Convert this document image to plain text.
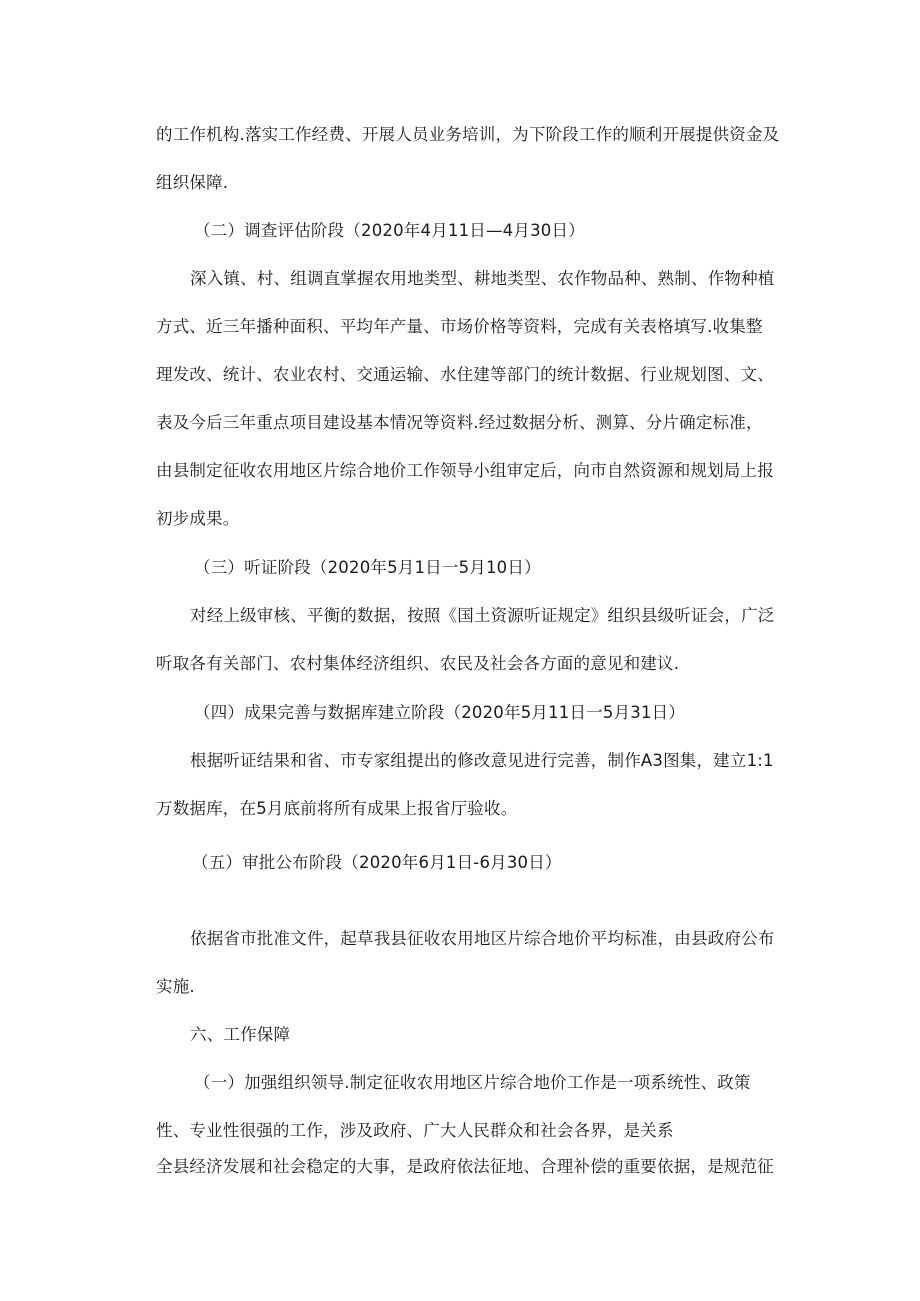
的工作机构.落实工作经费、开展人员业务培训，为下阶段工作的顺利开展提供资金及
组织保障.
（二）调查评估阶段（2020年4月11日—4月30日）
深入镇、村、组调直掌握农用地类型、耕地类型、农作物品种、熟制、作物种植
方式、近三年播种面积、平均年产量、市场价格等资料，完成有关表格填写.收集整
理发改、统计、农业农村、交通运输、水住建等部门的统计数据、行业规划图、文、
表及今后三年重点项目建设基本情况等资料.经过数据分析、测算、分片确定标准，
由县制定征收农用地区片综合地价工作领导小组审定后，向市自然资源和规划局上报
初步成果。
（三）听证阶段（2020年5月1日一5月10日）
对经上级审核、平衡的数据，按照《国土资源听证规定》组织县级听证会，广泛
听取各有关部门、农村集体经济组织、农民及社会各方面的意见和建议.
（四）成果完善与数据库建立阶段（2020年5月11日一5月31日）
根据听证结果和省、市专家组提出的修改意见进行完善，制作A3图集，建立1:1
万数据库，在5月底前将所有成果上报省厅验收。
（五）审批公布阶段（2020年6月1日-6月30日）
依据省市批准文件，起草我县征收农用地区片综合地价平均标准，由县政府公布
实施.
六、工作保障
（一）加强组织领导.制定征收农用地区片综合地价工作是一项系统性、政策
性、专业性很强的工作，涉及政府、广大人民群众和社会各界，是关系
全县经济发展和社会稳定的大事，是政府依法征地、合理补偿的重要依据，是规范征
